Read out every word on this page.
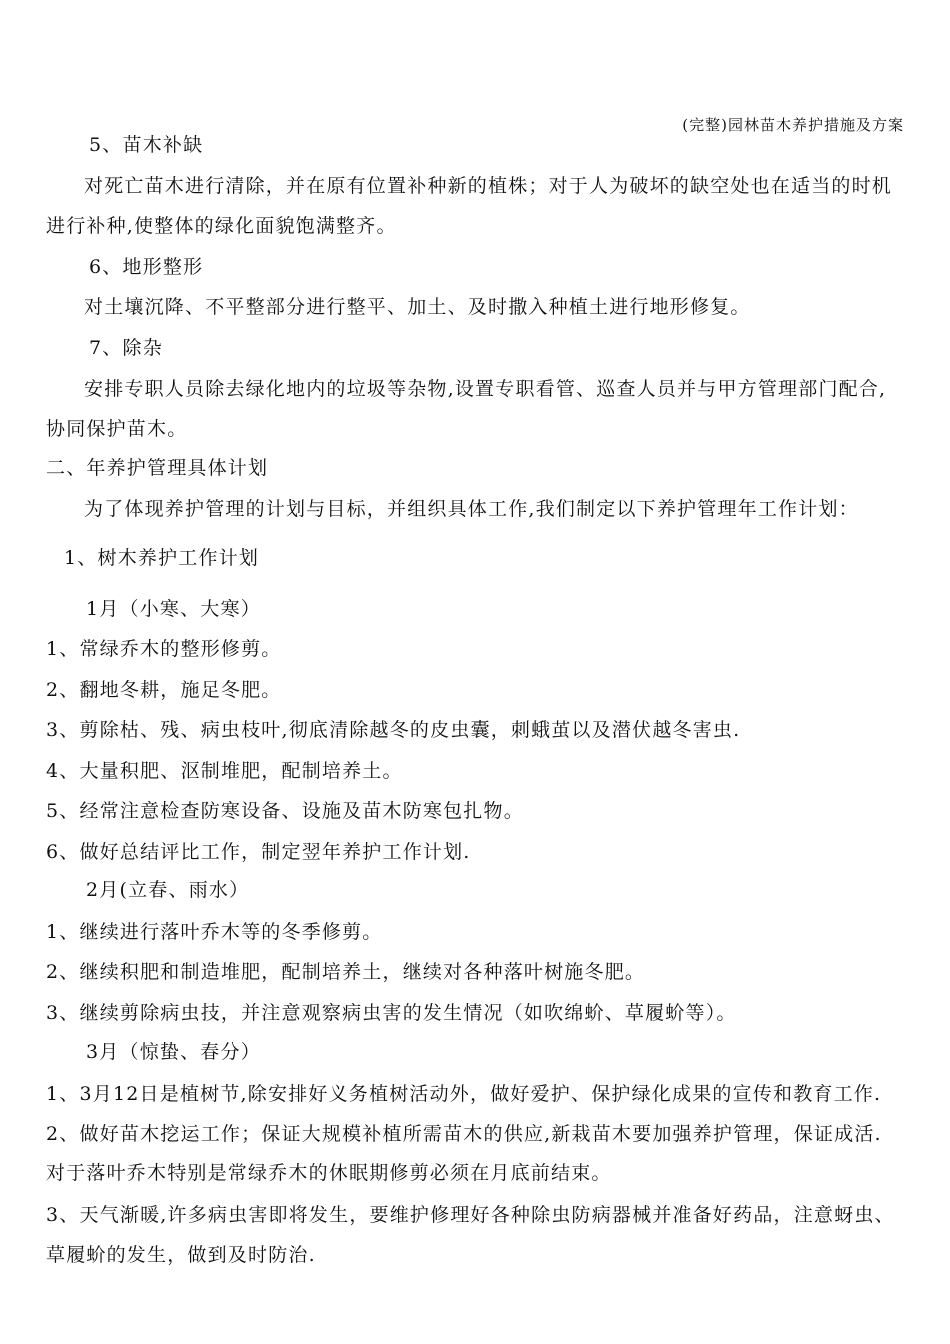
(完整)园林苗木养护措施及方案
5、苗木补缺
对死亡苗木进行清除，并在原有位置补种新的植株；对于人为破坏的缺空处也在适当的时机
进行补种,使整体的绿化面貌饱满整齐。
6、地形整形
对土壤沉降、不平整部分进行整平、加土、及时撒入种植土进行地形修复。
7、除杂
安排专职人员除去绿化地内的垃圾等杂物,设置专职看管、巡查人员并与甲方管理部门配合,
协同保护苗木。
二、年养护管理具体计划
为了体现养护管理的计划与目标，并组织具体工作,我们制定以下养护管理年工作计划：
1、树木养护工作计划
1月（小寒、大寒）
1、常绿乔木的整形修剪。
2、翻地冬耕，施足冬肥。
3、剪除枯、残、病虫枝叶,彻底清除越冬的皮虫囊，刺蛾茧以及潜伏越冬害虫.
4、大量积肥、沤制堆肥，配制培养土。
5、经常注意检查防寒设备、设施及苗木防寒包扎物。
6、做好总结评比工作，制定翌年养护工作计划.
2月(立春、雨水）
1、继续进行落叶乔木等的冬季修剪。
2、继续积肥和制造堆肥，配制培养土，继续对各种落叶树施冬肥。
3、继续剪除病虫技，并注意观察病虫害的发生情况（如吹绵蚧、草履蚧等）。
3月（惊蛰、春分）
1、3月12日是植树节,除安排好义务植树活动外，做好爱护、保护绿化成果的宣传和教育工作.
2、做好苗木挖运工作；保证大规模补植所需苗木的供应,新栽苗木要加强养护管理，保证成活.
对于落叶乔木特别是常绿乔木的休眠期修剪必须在月底前结束。
3、天气渐暖,许多病虫害即将发生，要维护修理好各种除虫防病器械并准备好药品，注意蚜虫、
草履蚧的发生，做到及时防治.
